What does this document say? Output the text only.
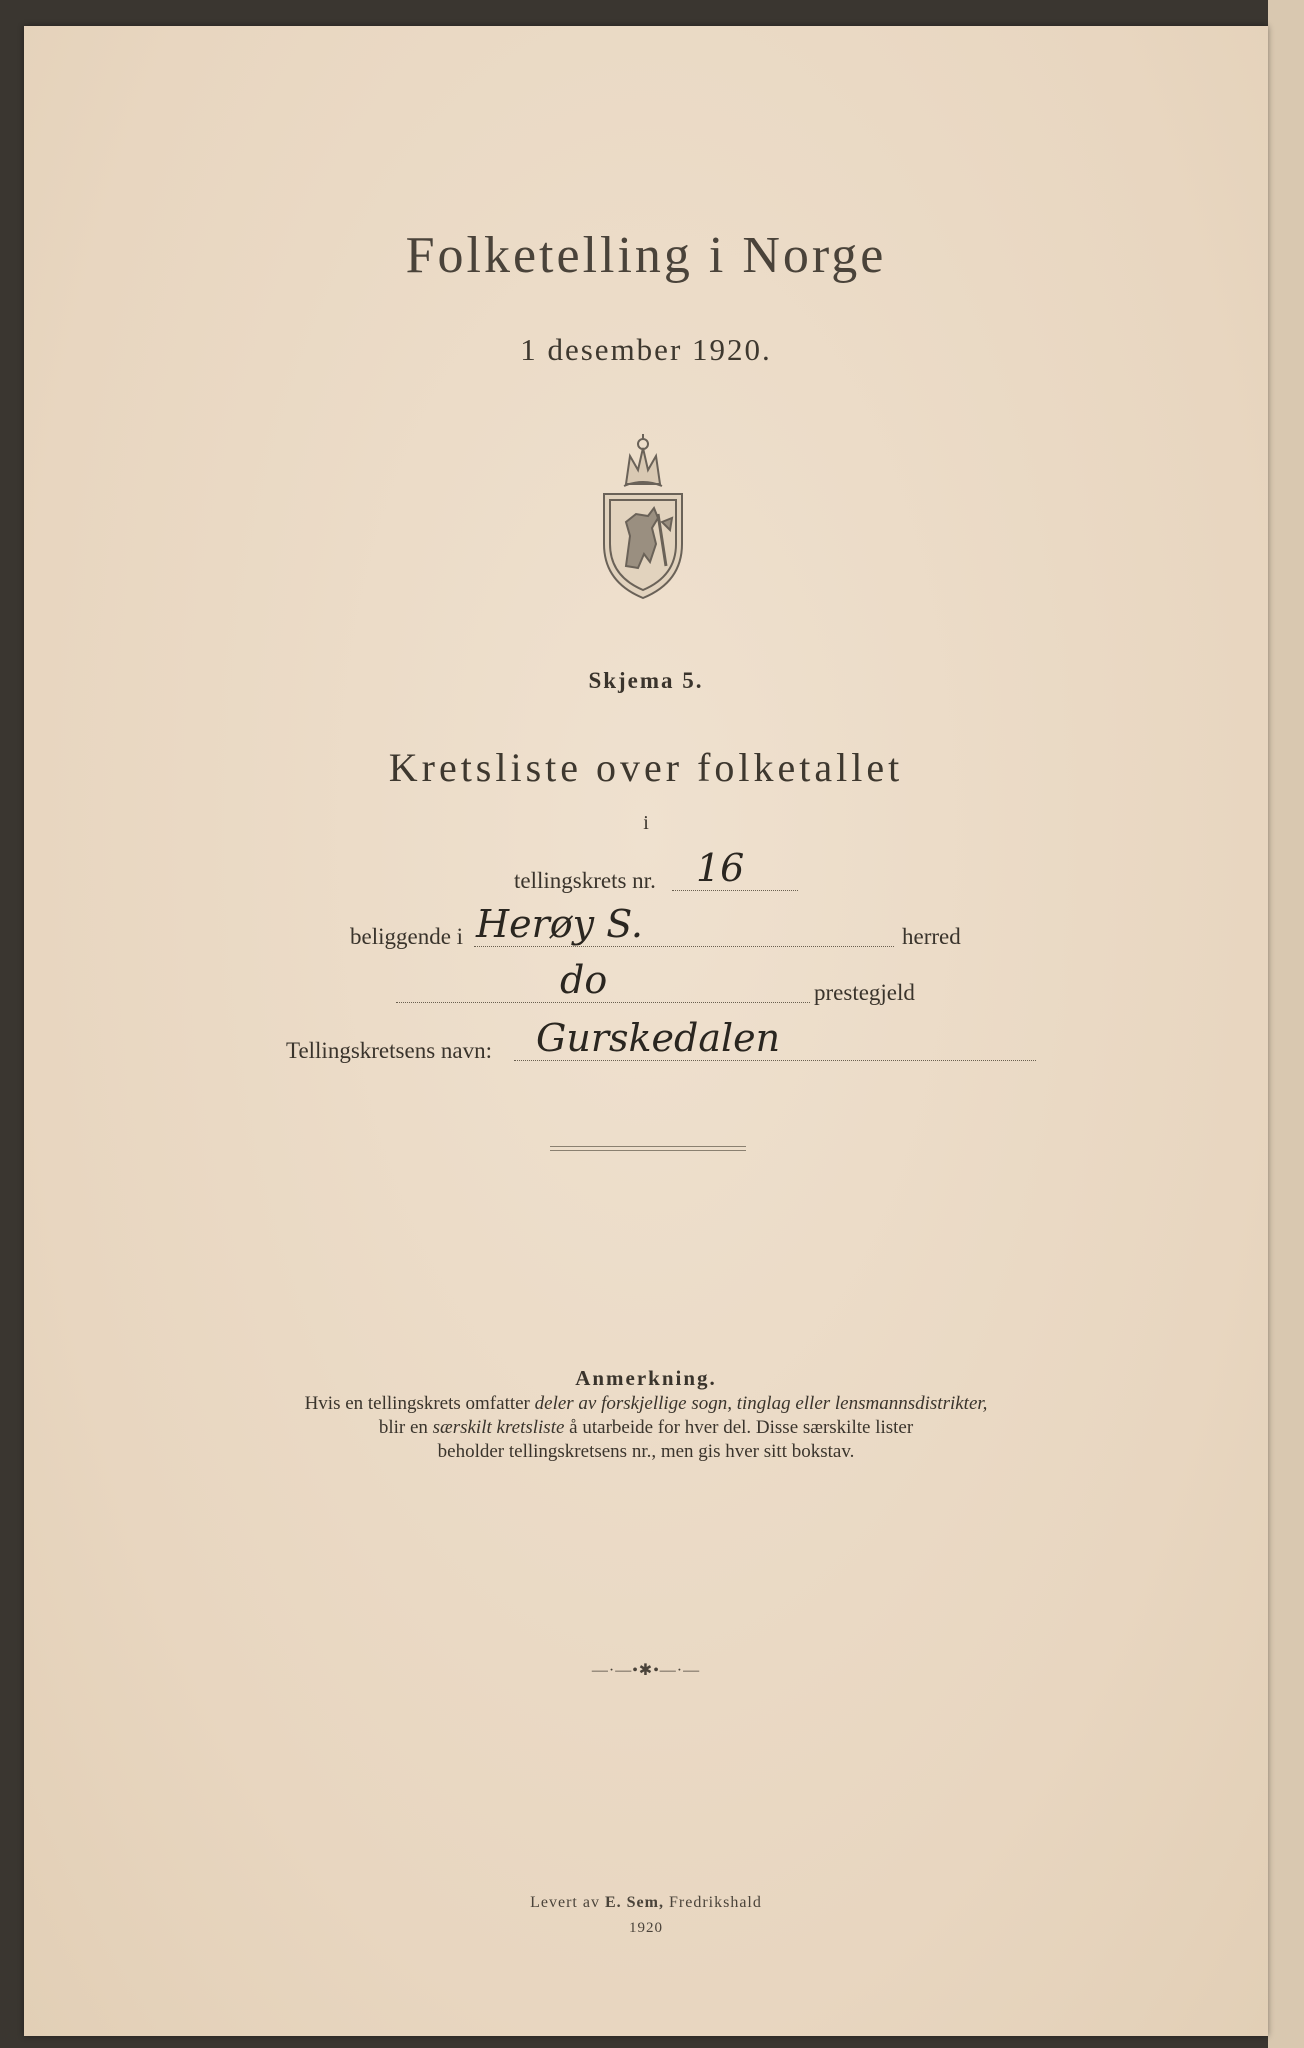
Folketelling i Norge
1 desember 1920.
Skjema 5.
Kretsliste over folketallet
i
tellingskrets nr. 16
beliggende i Herøy S.	herred
do	prestegjeld
Tellingskretsens navn: Gurskedalen
Anmerkning.
Hvis en tellingskrets omfatter deler av forskjellige sogn, tinglag eller lensmannsdistrikter,
blir en særskilt kretsliste å utarbeide for hver del. Disse særskilte lister
beholder tellingskretsens nr., men gis hver sitt bokstav.
—·—•✱•—·—
Levert av E. Sem, Fredrikshald
1920
